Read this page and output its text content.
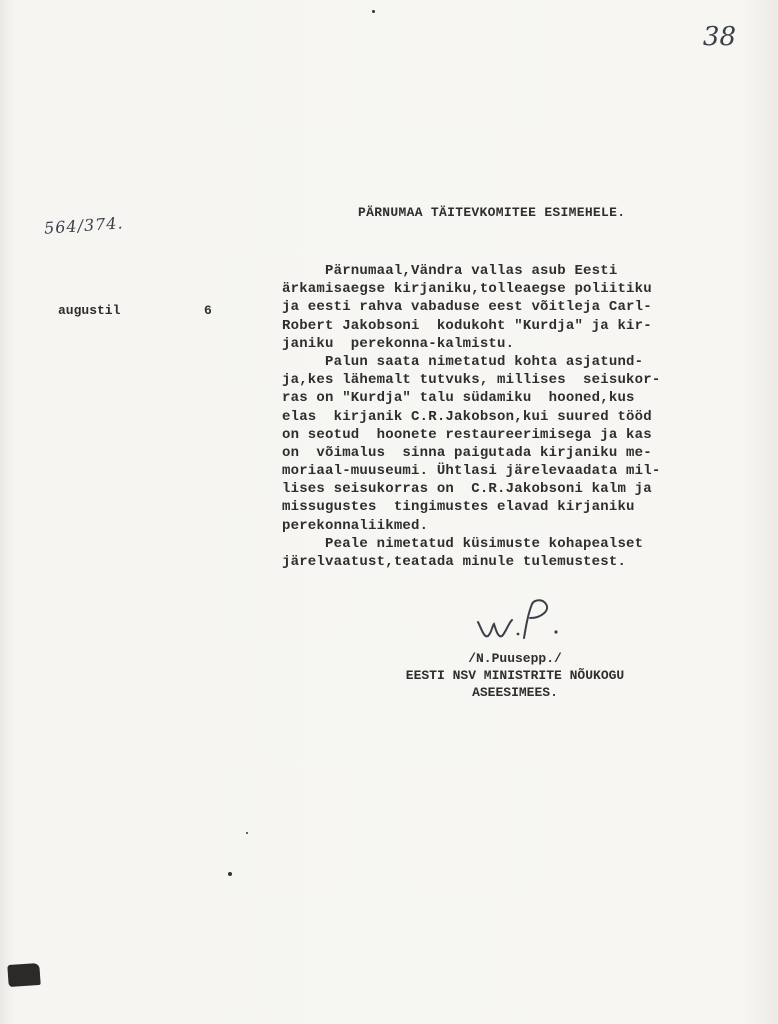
38
564/374.
augustil	6
PÄRNUMAA TÄITEVKOMITEE ESIMEHELE.
Pärnumaal,Vändra vallas asub Eesti
ärkamisaegse kirjaniku,tolleaegse poliitiku
ja eesti rahva vabaduse eest võitleja Carl-
Robert Jakobsoni  kodukoht "Kurdja" ja kir-
janiku  perekonna-kalmistu.
Palun saata nimetatud kohta asjatund-
ja,kes lähemalt tutvuks, millises  seisukor-
ras on "Kurdja" talu südamiku  hooned,kus
elas  kirjanik C.R.Jakobson,kui suured tööd
on seotud  hoonete restaureerimisega ja kas
on  võimalus  sinna paigutada kirjaniku me-
moriaal-muuseumi. Ühtlasi järelevaadata mil-
lises seisukorras on  C.R.Jakobsoni kalm ja
missugustes  tingimustes elavad kirjaniku
perekonnaliikmed.
Peale nimetatud küsimuste kohapealset
järelvaatust,teatada minule tulemustest.
/N.Puusepp./
EESTI NSV MINISTRITE NÕUKOGU
ASEESIMEES.
